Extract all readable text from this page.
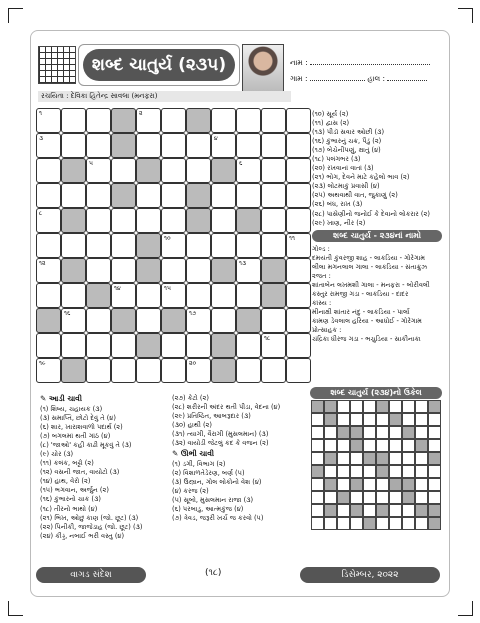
શબ્દ ચાતુર્ય (૨૩૫)	નામ :
ગામ :	હાલ :
રચયિતા : દેવિકા હિતેન્દ્ર સાવલા (મનફરા)
૧	૨
૩	૪
૫	૬
૮
૧૦	૧૧
૧૨	૧૩
૧૪	૧૫
૧૬	૧૭
૧૮
૧૯	૨૦
(૧૦) સૂર્ય (૨)
(૧૧) દ્વાસ (૨)
(૧૩) પીડૉ સવાર ઓછી (૩)
(૧૬) કુંભારનું ચક્ર, પૈડું (૨)
(૧૭) બેચેનીપણું, ક્ષાતું (૪)
(૧૮) પલંગભર (૩)
(૨૦) રખવાનાં વાતાં (૩)
(૨૧) ભોગ, દેવને માટે કહેલો ભાવ (૨)
(૨૩) લોટમાકું પ્રવાસી (૪)
(૨૫) અથવાથી વાત, જુકાણું (૨)
(૨૬) બંધ, રાખ (૩)
(૨૮) પાસેણીનો જનોઈ કે દેવાનો લોકરાર (૨)
(૨૯) ખાણ, નીર (૨)
શબ્દ ચાતુર્ય - ૨૩૪નાં નામો
ગોલ્ડ :
દમયંતી કુંવરજી શાહ - લાકડિયા - ગોરેગામ
લીલા મગનલાલ ગાલા - લાકડિયા - સંતાક્રુઝ
૨જત :
શાંતાબેન લખમશી ગાલા - મનફરા - બોરીવલી
કસ્તુર રામજી ગડા - લાકડિયા - દાદર
કાંસ્ય :
મીનાક્ષી શાંતાર નંદુ - લાકડિયા - પાર્લા
કામણ ડેવલાલ હરિયા - આધોઈ - ગોરેગામ
પ્રોત્સાહક :
ચંદ્રિકા ધીરજ ગડા - ભચુડિયા - સાકીનાકા
✎ આડી ચાવી
(૧) શિષ્ય, ચહાયક (૩)
(૩) સમાપ્તિ, છોટો દેવું તે (૪)
(૬) શાર, ખારાશવાળો પદાર્થ (૨)
(૭) બગલમાં થતી ગાંઠ (૪)
(૮) 'જાઓ' કહી કાઢી મૂકવું તે (૩)
(૯) ચોર (૩)
(૧૧) કલંક, બટ્ટો (૨)
(૧૨) વસની જાત, વાયોટો (૩)
(૧૪) હાથ, વેરો (૨)
(૧૫) ભગવાન, અર્જુન (૨)
(૧૬) કુંભારનો ચાક (૩)
(૧૮) તીરનો ભાથો (૪)
(૨૧) ભિખ, ઓછું કાણ (જો. છૂટ) (૩)
(૨૨) પિનીકી, જાજેડાહ (જો. છૂટ) (૩)
(૨૪) કીડ્ડ, નબાઈ ભરી વસ્તુ (૪)
(૨૭) કેટો (૨)
(૨૮) શરીરની અંદર થતી પીડા, વેદના (૪)
(૨૯) પ્રતિષ્ઠિત, આબરૂદાર (૩)
(૩૦) હાથી (૨)
(૩૧) ત્યાગી, વૈરાગી (મુસલમાન) (૩)
(૩૨) વાયોડી જેટલું કદ કે વજન (૨)
✎ ઊભી ચાવી
(૧) ડગી, વિભાગ (૨)
(૨) વિશાળતેડેરણ, બર્ણ (૫)
(૩) ઉસ્ત્રાન, ગોલ લોકોનો વેશ (૪)
(૪) કરજ (૨)
(૫) સૂબો, મુસલમાન રાજા (૩)
(૬) પરબાડુ, આત્મકુંજ (૪)
(૭) ત્રેવડ, જરૂરી ખર્ચ જ કરવો (૫)
શબ્દ ચાતુર્ય (૨૩૪)નો ઉકેલ
વાગડ સંદેશ	(૧૮)	ડિસેમ્બર, ૨૦૨૨
